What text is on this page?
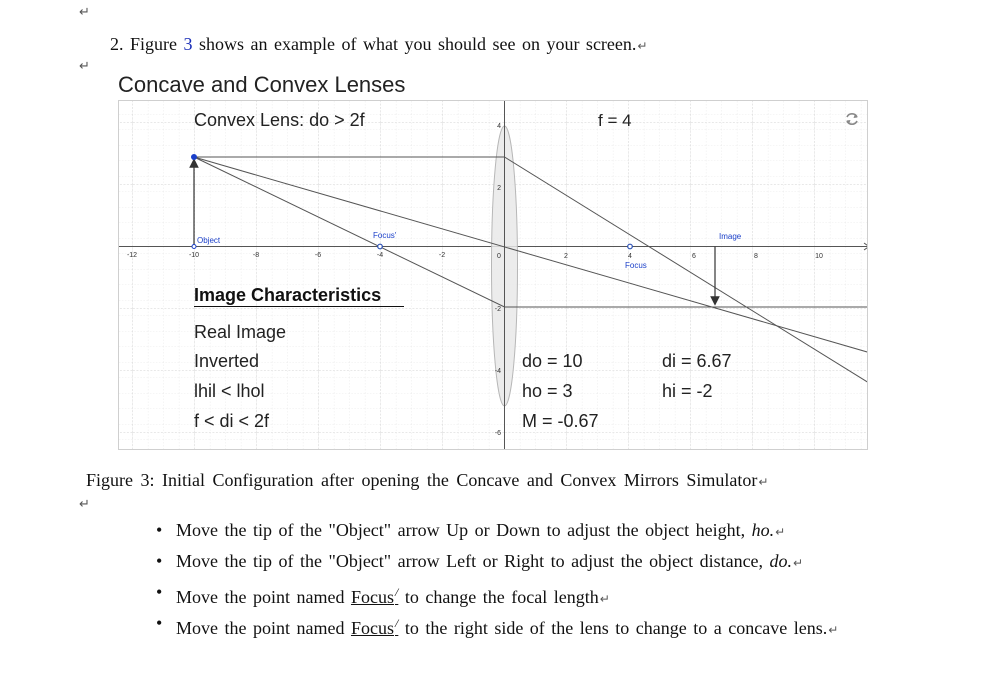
↵
↵
↵
2. Figure 3 shows an example of what you should see on your screen.↵
Concave and Convex Lenses
-12	-10	-8	-6	-4	-2	0	2	4	6	8	10
4
2
-2
-4
-6
Object	Image
Focus'
Focus
Convex Lens: do > 2f	f = 4
Image Characteristics
Real Image
Inverted
lhil < lhol
f < di < 2f
do = 10
ho = 3
M = -0.67
di = 6.67
hi = -2
Figure 3: Initial Configuration after opening the Concave and Convex Mirrors Simulator↵
• Move the tip of the "Object" arrow Up or Down to adjust the object height, ho.↵
• Move the tip of the "Object" arrow Left or Right to adjust the object distance, do.↵
• Move the point named Focus/ to change the focal length↵
• Move the point named Focus/ to the right side of the lens to change to a concave lens.↵
